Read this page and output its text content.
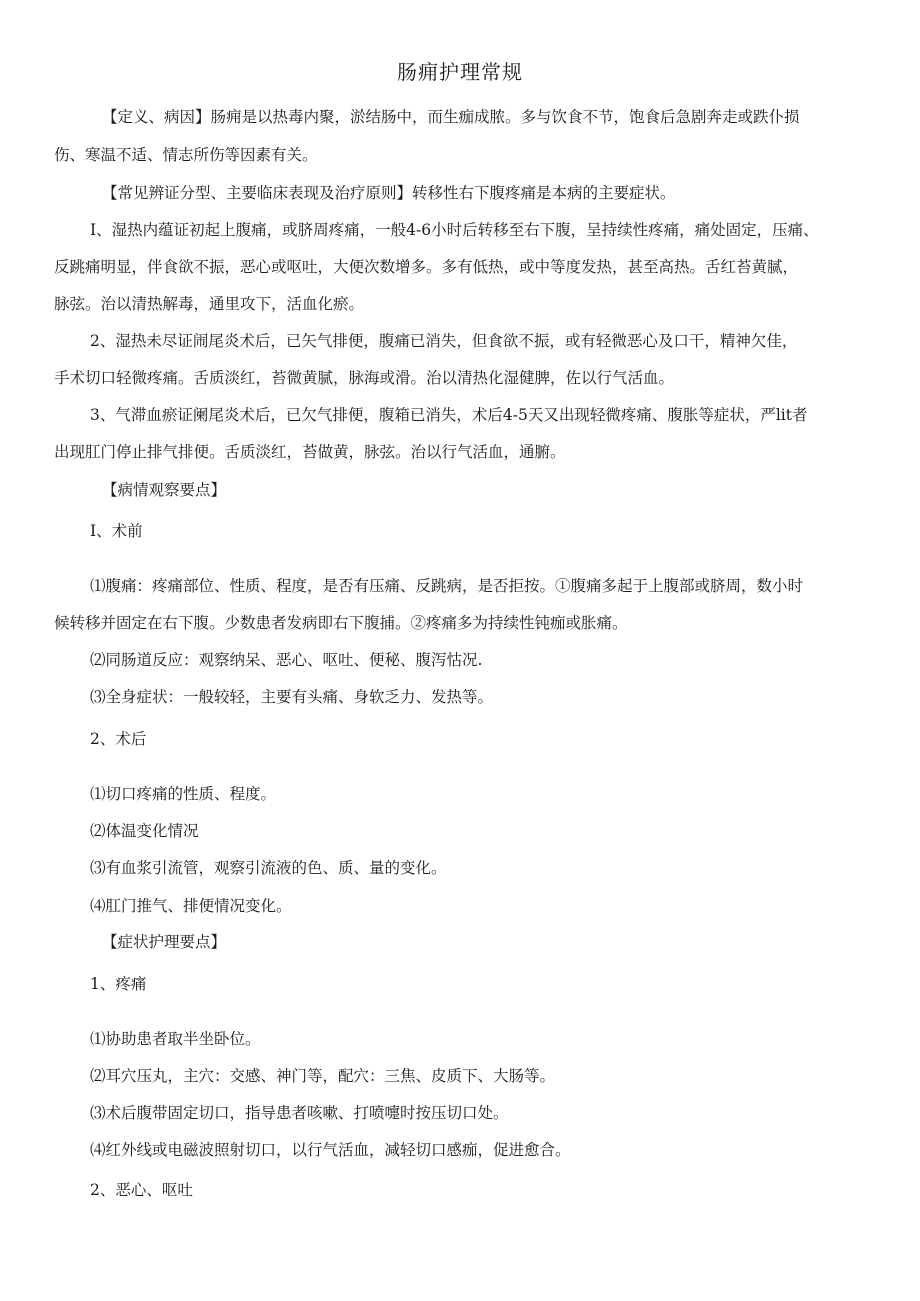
肠痈护理常规
【定义、病因】肠痈是以热毒内聚，淤结肠中，而生痂成脓。多与饮食不节，饱食后急剧奔走或跌仆损
伤、寒温不适、情志所伤等因素有关。
【常见辨证分型、主要临床表现及治疗原则】转移性右下腹疼痛是本病的主要症状。
I、湿热内蕴证初起上腹痛，或脐周疼痛，一般4-6小时后转移至右下腹，呈持续性疼痛，痛处固定，压痛、
反跳痛明显，伴食欲不振，恶心或呕吐，大便次数增多。多有低热，或中等度发热，甚至高热。舌红苔黄腻，
脉弦。治以清热解毒，通里攻下，活血化瘀。
2、湿热未尽证闹尾炎术后，已矢气排便，腹痛已消失，但食欲不振，或有轻微恶心及口干，精神欠佳，
手术切口轻微疼痛。舌质淡红，苔微黄腻，脉海或滑。治以清热化湿健脾，佐以行气活血。
3、气滞血瘀证阑尾炎术后，已欠气排便，腹箱已消失，术后4-5天又出现轻微疼痛、腹胀等症状，严lit者
出现肛门停止排气排便。舌质淡红，苔做黄，脉弦。治以行气活血，通腑。
【病情观察要点】
I、术前
⑴腹痛：疼痛部位、性质、程度，是否有压痛、反跳病，是否拒按。①腹痛多起于上腹部或脐周，数小时
候转移并固定在右下腹。少数患者发病即右下腹捕。②疼痛多为持续性钝痂或胀痛。
⑵同肠道反应：观察纳呆、恶心、呕吐、便秘、腹泻怙况.
⑶全身症状：一般较轻，主要有头痛、身软乏力、发热等。
2、术后
⑴切口疼痛的性质、程度。
⑵体温变化情况
⑶有血浆引流管，观察引流液的色、质、量的变化。
⑷肛门推气、排便情况变化。
【症状护理要点】
1、疼痛
⑴协助患者取半坐卧位。
⑵耳穴压丸，主穴：交感、神门等，配穴：三焦、皮质下、大肠等。
⑶术后腹带固定切口，指导患者咳嗽、打喷嚏时按压切口处。
⑷红外线或电磁波照射切口，以行气活血，减轻切口感痂，促进愈合。
2、恶心、呕吐
